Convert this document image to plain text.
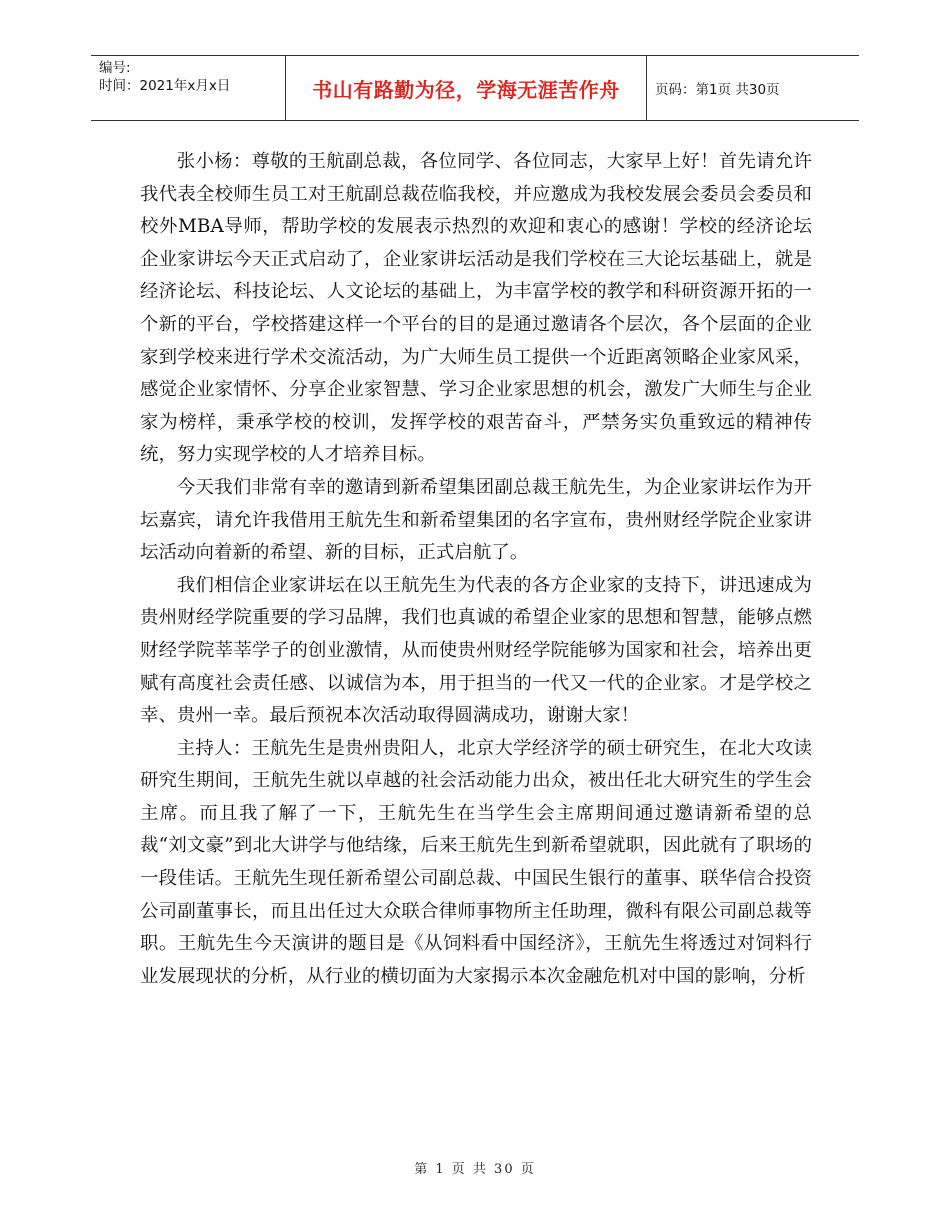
编号:
时间：2021年x月x日	书山有路勤为径，学海无涯苦作舟	页码：第1页 共30页

张小杨：尊敬的王航副总裁，各位同学、各位同志，大家早上好！首先请允许我代表全校师生员工对王航副总裁莅临我校，并应邀成为我校发展会委员会委员和校外MBA导师，帮助学校的发展表示热烈的欢迎和衷心的感谢！学校的经济论坛企业家讲坛今天正式启动了，企业家讲坛活动是我们学校在三大论坛基础上，就是经济论坛、科技论坛、人文论坛的基础上，为丰富学校的教学和科研资源开拓的一个新的平台，学校搭建这样一个平台的目的是通过邀请各个层次，各个层面的企业家到学校来进行学术交流活动，为广大师生员工提供一个近距离领略企业家风采，感觉企业家情怀、分享企业家智慧、学习企业家思想的机会，激发广大师生与企业家为榜样，秉承学校的校训，发挥学校的艰苦奋斗，严禁务实负重致远的精神传统，努力实现学校的人才培养目标。

今天我们非常有幸的邀请到新希望集团副总裁王航先生，为企业家讲坛作为开坛嘉宾，请允许我借用王航先生和新希望集团的名字宣布，贵州财经学院企业家讲坛活动向着新的希望、新的目标，正式启航了。

我们相信企业家讲坛在以王航先生为代表的各方企业家的支持下，讲迅速成为贵州财经学院重要的学习品牌，我们也真诚的希望企业家的思想和智慧，能够点燃财经学院莘莘学子的创业激情，从而使贵州财经学院能够为国家和社会，培养出更赋有高度社会责任感、以诚信为本，用于担当的一代又一代的企业家。才是学校之幸、贵州一幸。最后预祝本次活动取得圆满成功，谢谢大家！

主持人：王航先生是贵州贵阳人，北京大学经济学的硕士研究生，在北大攻读研究生期间，王航先生就以卓越的社会活动能力出众，被出任北大研究生的学生会主席。而且我了解了一下，王航先生在当学生会主席期间通过邀请新希望的总裁“刘文豪”到北大讲学与他结缘，后来王航先生到新希望就职，因此就有了职场的一段佳话。王航先生现任新希望公司副总裁、中国民生银行的董事、联华信合投资公司副董事长，而且出任过大众联合律师事物所主任助理，微科有限公司副总裁等职。王航先生今天演讲的题目是《从饲料看中国经济》，王航先生将透过对饲料行业发展现状的分析，从行业的横切面为大家揭示本次金融危机对中国的影响，分析

第 1 页 共 30 页
